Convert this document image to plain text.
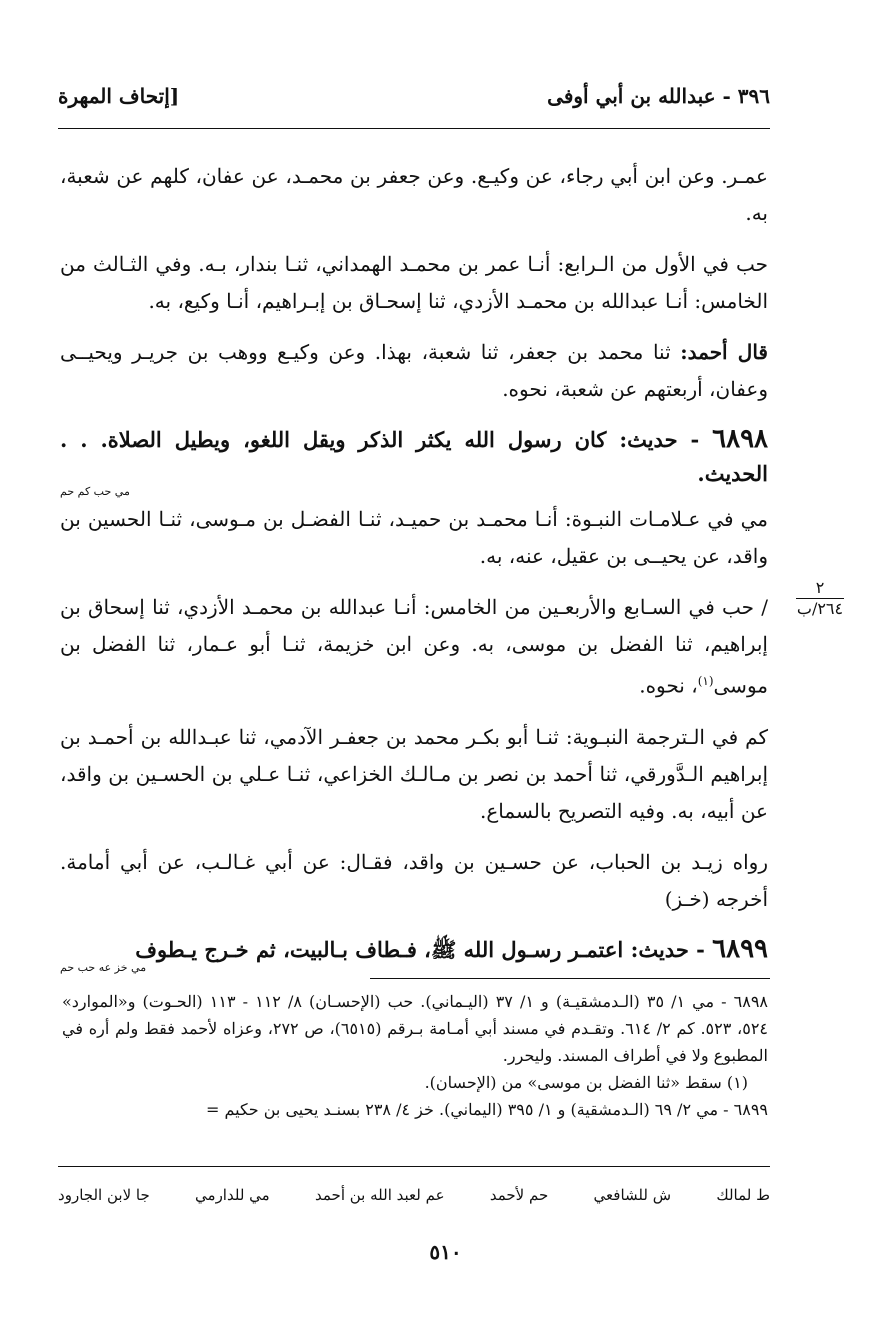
٣٩٦ - عبدالله بن أبي أوفى
[إتحاف المهرة
٢
٢٦٤/ب

عمـر. وعن ابن أبي رجاء، عن وكيـع. وعن جعفر بن محمـد، عن عفان، كلهم عن شعبة، به.

حب في الأول من الـرابع: أنـا عمر بن محمـد الهمداني، ثنـا بندار، بـه. وفي الثـالث من الخامس: أنـا عبدالله بن محمـد الأزدي، ثنا إسحـاق بن إبـراهيم، أنـا وكيع، به.

قال أحمد: ثنا محمد بن جعفر، ثنا شعبة، بهذا. وعن وكيـع ووهب بن جريـر ويحيــى وعفان، أربعتهم عن شعبة، نحوه.

٦٨٩٨ - حديث: كان رسول الله يكثر الذكر ويقل اللغو، ويطيل الصلاة. . . الحديث.

مي حب كم حم

مي في عـلامـات النبـوة: أنـا محمـد بن حميـد، ثنـا الفضـل بن مـوسى، ثنـا الحسين بن واقد، عن يحيــى بن عقيل، عنه، به.

/ حب في السـابع والأربعـين من الخامس: أنـا عبدالله بن محمـد الأزدي، ثنا إسحاق بن إبراهيم، ثنا الفضل بن موسى، به. وعن ابن خزيمة، ثنـا أبو عـمار، ثنا الفضل بن موسى$^{(١)}$، نحوه.

كم في الـترجمة النبـوية: ثنـا أبو بكـر محمد بن جعفـر الآدمي، ثنا عبـدالله بن أحمـد بن إبراهيم الـدَّورقي، ثنا أحمد بن نصر بن مـالـك الخزاعي، ثنـا عـلي بن الحسـين بن واقد، عن أبيه، به. وفيه التصريح بالسماع.

رواه زيـد بن الحباب، عن حسـين بن واقد، فقـال: عن أبي غـالـب، عن أبي أمامة. أخرجه (خـز)

٦٨٩٩ - حديث: اعتمـر رسـول الله ﷺ، فـطاف بـالبيت، ثم خـرج يـطوف

مي خز عه حب حم

٦٨٩٨ - مي ١/ ٣٥ (الـدمشقيـة) و ١/ ٣٧ (اليـماني). حب (الإحسـان) ٨/ ١١٢ - ١١٣ (الحـوت) و«الموارد» ٥٢٤، ٥٢٣. كم ٢/ ٦١٤. وتقـدم في مسند أبي أمـامة بـرقم (٦٥١٥)، ص ٢٧٢، وعزاه لأحمد فقط ولم أره في المطبوع ولا في أطراف المسند. وليحرر.

(١) سقط «ثنا الفضل بن موسى» من (الإحسان).

٦٨٩٩ - مي ٢/ ٦٩ (الـدمشقية) و ١/ ٣٩٥ (اليماني). خز ٤/ ٢٣٨ بسنـد يحيى بن حكيم =

ط لمالك
ش للشافعي
حم لأحمد
عم لعبد الله بن أحمد
مي للدارمي
جا لابن الجارود
٥١٠
